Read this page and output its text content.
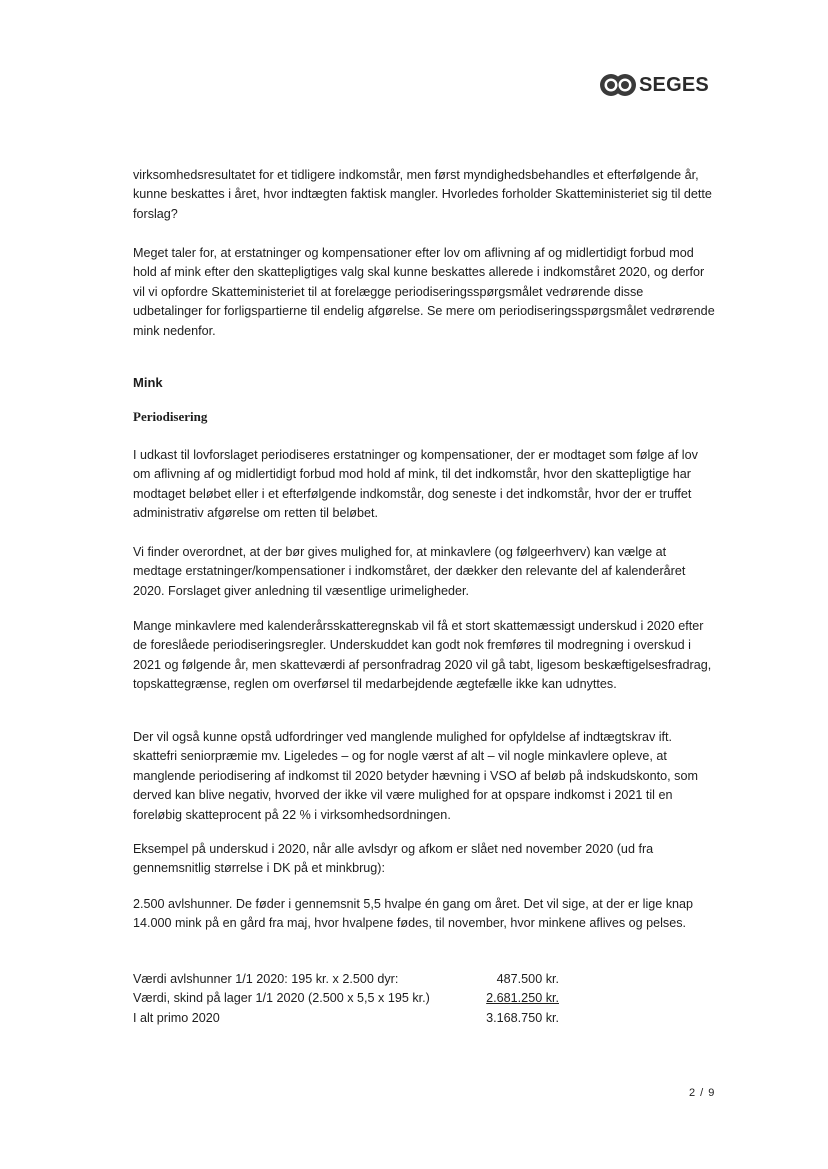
SEGES

virksomhedsresultatet for et tidligere indkomstår, men først myndighedsbehandles et efterfølgende år, kunne beskattes i året, hvor indtægten faktisk mangler. Hvorledes forholder Skatteministeriet sig til dette forslag?

Meget taler for, at erstatninger og kompensationer efter lov om aflivning af og midlertidigt forbud mod hold af mink efter den skattepligtiges valg skal kunne beskattes allerede i indkomståret 2020, og derfor vil vi opfordre Skatteministeriet til at forelægge periodiseringsspørgsmålet vedrørende disse udbetalinger for forligspartierne til endelig afgørelse. Se mere om periodiseringsspørgsmålet vedrørende mink nedenfor.

Mink
Periodisering

I udkast til lovforslaget periodiseres erstatninger og kompensationer, der er modtaget som følge af lov om aflivning af og midlertidigt forbud mod hold af mink, til det indkomstår, hvor den skattepligtige har modtaget beløbet eller i et efterfølgende indkomstår, dog seneste i det indkomstår, hvor der er truffet administrativ afgørelse om retten til beløbet.

Vi finder overordnet, at der bør gives mulighed for, at minkavlere (og følgeerhverv) kan vælge at medtage erstatninger/kompensationer i indkomståret, der dækker den relevante del af kalenderåret 2020. Forslaget giver anledning til væsentlige urimeligheder.

Mange minkavlere med kalenderårsskatteregnskab vil få et stort skattemæssigt underskud i 2020 efter de foreslåede periodiseringsregler. Underskuddet kan godt nok fremføres til modregning i overskud i 2021 og følgende år, men skatteværdi af personfradrag 2020 vil gå tabt, ligesom beskæftigelsesfradrag, topskattegrænse, reglen om overførsel til medarbejdende ægtefælle ikke kan udnyttes.

Der vil også kunne opstå udfordringer ved manglende mulighed for opfyldelse af indtægtskrav ift. skattefri seniorpræmie mv. Ligeledes – og for nogle værst af alt – vil nogle minkavlere opleve, at manglende periodisering af indkomst til 2020 betyder hævning i VSO af beløb på indskudskonto, som derved kan blive negativ, hvorved der ikke vil være mulighed for at opspare indkomst i 2021 til en foreløbig skatteprocent på 22 % i virksomhedsordningen.

Eksempel på underskud i 2020, når alle avlsdyr og afkom er slået ned november 2020 (ud fra gennemsnitlig størrelse i DK på et minkbrug):

2.500 avlshunner. De føder i gennemsnit 5,5 hvalpe én gang om året. Det vil sige, at der er lige knap 14.000 mink på en gård fra maj, hvor hvalpene fødes, til november, hvor minkene aflives og pelses.

Værdi avlshunner 1/1 2020: 195 kr. x 2.500 dyr:	487.500 kr.
Værdi, skind på lager 1/1 2020 (2.500 x 5,5 x 195 kr.)	2.681.250 kr.
I alt primo 2020	3.168.750 kr.
2 / 9
